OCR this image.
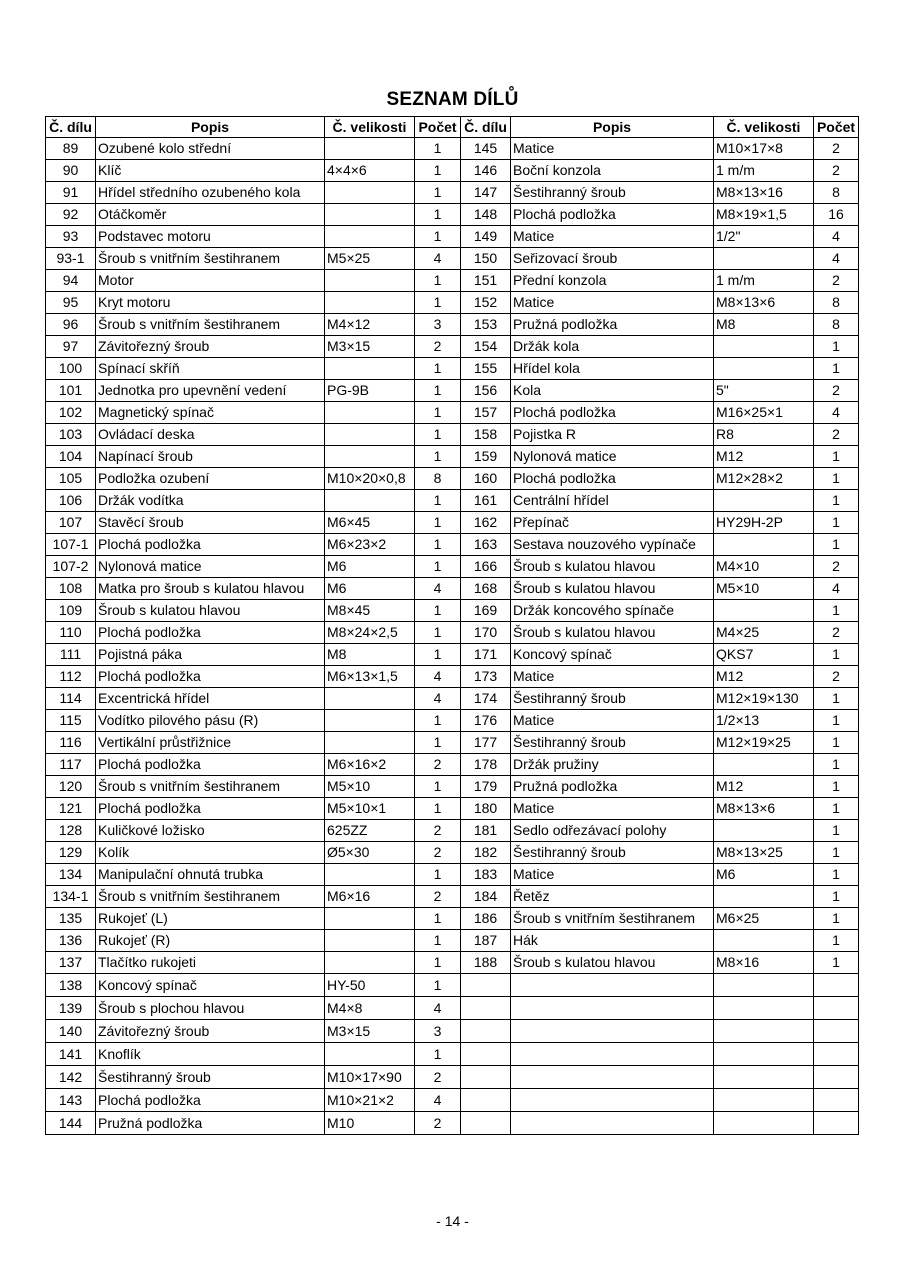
SEZNAM DÍLŮ
Č. dílu	Popis	Č. velikosti	Počet	Č. dílu	Popis	Č. velikosti	Počet
89	Ozubené kolo střední		1	145	Matice	M10×17×8	2
90	Klíč	4×4×6	1	146	Boční konzola	1 m/m	2
91	Hřídel středního ozubeného kola		1	147	Šestihranný šroub	M8×13×16	8
92	Otáčkoměr		1	148	Plochá podložka	M8×19×1,5	16
93	Podstavec motoru		1	149	Matice	1/2"	4
93-1	Šroub s vnitřním šestihranem	M5×25	4	150	Seřizovací šroub		4
94	Motor		1	151	Přední konzola	1 m/m	2
95	Kryt motoru		1	152	Matice	M8×13×6	8
96	Šroub s vnitřním šestihranem	M4×12	3	153	Pružná podložka	M8	8
97	Závitořezný šroub	M3×15	2	154	Držák kola		1
100	Spínací skříň		1	155	Hřídel kola		1
101	Jednotka pro upevnění vedení	PG-9B	1	156	Kola	5"	2
102	Magnetický spínač		1	157	Plochá podložka	M16×25×1	4
103	Ovládací deska		1	158	Pojistka R	R8	2
104	Napínací šroub		1	159	Nylonová matice	M12	1
105	Podložka ozubení	M10×20×0,8	8	160	Plochá podložka	M12×28×2	1
106	Držák vodítka		1	161	Centrální hřídel		1
107	Stavěcí šroub	M6×45	1	162	Přepínač	HY29H-2P	1
107-1	Plochá podložka	M6×23×2	1	163	Sestava nouzového vypínače		1
107-2	Nylonová matice	M6	1	166	Šroub s kulatou hlavou	M4×10	2
108	Matka pro šroub s kulatou hlavou	M6	4	168	Šroub s kulatou hlavou	M5×10	4
109	Šroub s kulatou hlavou	M8×45	1	169	Držák koncového spínače		1
110	Plochá podložka	M8×24×2,5	1	170	Šroub s kulatou hlavou	M4×25	2
111	Pojistná páka	M8	1	171	Koncový spínač	QKS7	1
112	Plochá podložka	M6×13×1,5	4	173	Matice	M12	2
114	Excentrická hřídel		4	174	Šestihranný šroub	M12×19×130	1
115	Vodítko pilového pásu (R)		1	176	Matice	1/2×13	1
116	Vertikální průstřižnice		1	177	Šestihranný šroub	M12×19×25	1
117	Plochá podložka	M6×16×2	2	178	Držák pružiny		1
120	Šroub s vnitřním šestihranem	M5×10	1	179	Pružná podložka	M12	1
121	Plochá podložka	M5×10×1	1	180	Matice	M8×13×6	1
128	Kuličkové ložisko	625ZZ	2	181	Sedlo odřezávací polohy		1
129	Kolík	Ø5×30	2	182	Šestihranný šroub	M8×13×25	1
134	Manipulační ohnutá trubka		1	183	Matice	M6	1
134-1	Šroub s vnitřním šestihranem	M6×16	2	184	Řetěz		1
135	Rukojeť (L)		1	186	Šroub s vnitřním šestihranem	M6×25	1
136	Rukojeť (R)		1	187	Hák		1
137	Tlačítko rukojeti		1	188	Šroub s kulatou hlavou	M8×16	1
138	Koncový spínač	HY-50	1				
139	Šroub s plochou hlavou	M4×8	4				
140	Závitořezný šroub	M3×15	3				
141	Knoflík		1				
142	Šestihranný šroub	M10×17×90	2				
143	Plochá podložka	M10×21×2	4				
144	Pružná podložka	M10	2				
- 14 -
